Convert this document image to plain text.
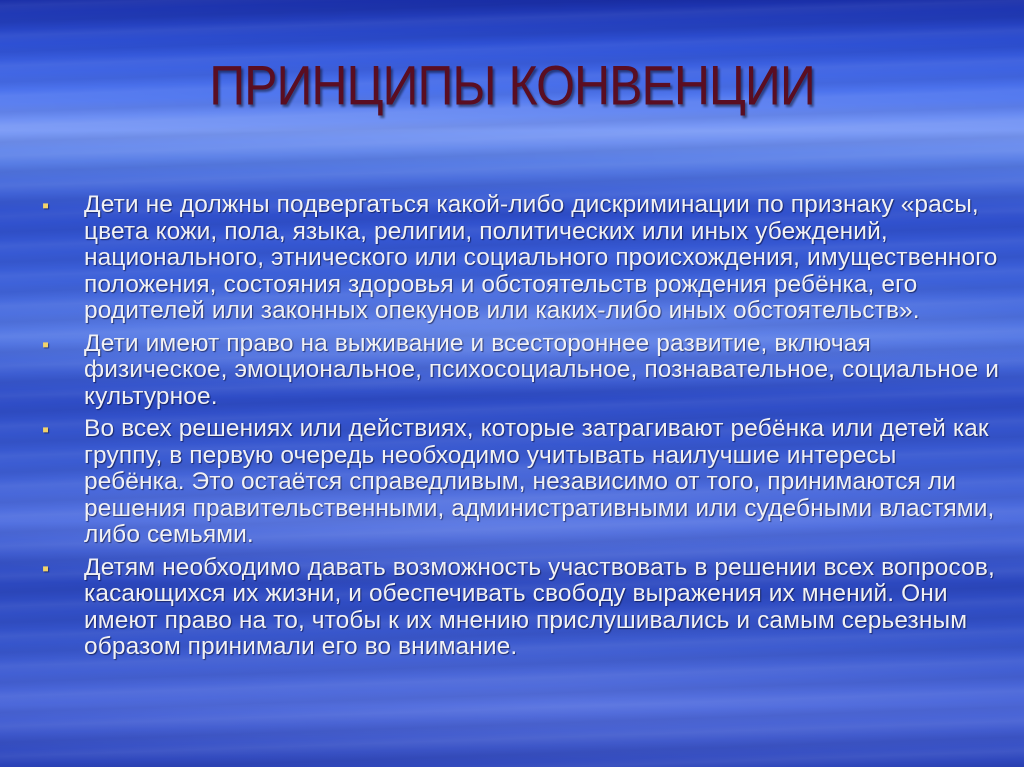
ПРИНЦИПЫ КОНВЕНЦИИ
▪ Дети не должны подвергаться какой-либо дискриминации по признаку «расы, цвета кожи, пола, языка, религии, политических или иных убеждений, национального, этнического или социального происхождения, имущественного положения, состояния здоровья и обстоятельств рождения ребёнка, его родителей или законных опекунов или каких-либо иных обстоятельств».
▪ Дети имеют право на выживание и всестороннее развитие, включая физическое, эмоциональное, психосоциальное, познавательное, социальное и культурное.
▪ Во всех решениях или действиях, которые затрагивают ребёнка или детей как группу, в первую очередь необходимо учитывать наилучшие интересы ребёнка. Это остаётся справедливым, независимо от того, принимаются ли решения правительственными, административными или судебными властями, либо семьями.
▪ Детям необходимо давать возможность участвовать в решении всех вопросов, касающихся их жизни, и обеспечивать свободу выражения их мнений. Они имеют право на то, чтобы к их мнению прислушивались и самым серьезным образом принимали его во внимание.
